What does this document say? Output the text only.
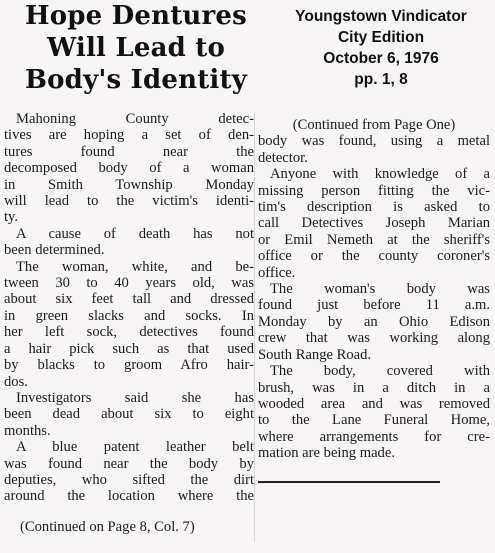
Hope Dentures
Will Lead to
Body's Identity
Youngstown Vindicator
City Edition
October 6, 1976
pp. 1, 8
Mahoning County detec-
tives are hoping a set of den-
tures found near the
decomposed body of a woman
in Smith Township Monday
will lead to the victim's identi-
ty.
A cause of death has not
been determined.
The woman, white, and be-
tween 30 to 40 years old, was
about six feet tall and dressed
in green slacks and socks. In
her left sock, detectives found
a hair pick such as that used
by blacks to groom Afro hair-
dos.
Investigators said she has
been dead about six to eight
months.
A blue patent leather belt
was found near the body by
deputies, who sifted the dirt
around the location where the
(Continued on Page 8, Col. 7)
(Continued from Page One)
body was found, using a metal
detector.
Anyone with knowledge of a
missing person fitting the vic-
tim's description is asked to
call Detectives Joseph Marian
or Emil Nemeth at the sheriff's
office or the county coroner's
office.
The woman's body was
found just before 11 a.m.
Monday by an Ohio Edison
crew that was working along
South Range Road.
The body, covered with
brush, was in a ditch in a
wooded area and was removed
to the Lane Funeral Home,
where arrangements for cre-
mation are being made.
